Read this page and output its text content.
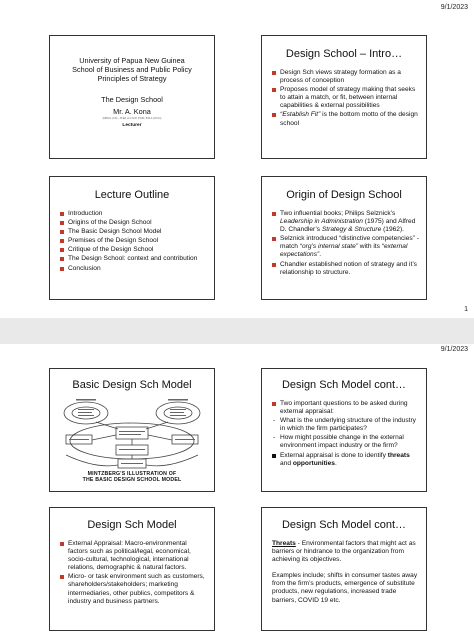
9/1/2023
University of Papua New Guinea
School of Business and Public Policy
Principles of Strategy
The Design School
Mr. A. Kona
(MPHIL (CS) – B.Ed, A.C.M.P, PGDI, B.B.A (OCC))
Lecturer
Design School – Intro…
Design Sch views strategy formation as a process of conception
Proposes model of strategy making that seeks to attain a match, or fit, between internal capabilities & external possibilities
“Establish Fit” is the bottom motto of the design school
Lecture Outline
Introduction
Origins of the Design School
The Basic Design School Model
Premises of the Design School
Critique of the Design School
The Design School: context and contribution
Conclusion
Origin of Design School
Two influential books; Philips Selznick’s Leadership in Administration (1975) and Alfred D. Chandler’s Strategy & Structure (1962).
Selznick introduced “distinctive competencies” - match “org’s internal state” with its “external expectations”.
Chandler established notion of strategy and it’s relationship to structure.
1
9/1/2023
Basic Design Sch Model
MINTZBERG'S ILLUSTRATION OF
THE BASIC DESIGN SCHOOL MODEL
Design Sch Model cont…
Two important questions to be asked during external appraisal:
- What is the underlying structure of the industry in which the firm participates?
- How might possible change in the external environment impact industry or the firm?
External appraisal is done to identify threats and opportunities.
Design Sch Model
External Appraisal: Macro-environmental factors such as political/legal, economical, socio-cultural, technological, international relations, demographic & natural factors.
Micro- or task environment such as customers, shareholders/stakeholders; marketing intermediaries, other publics, competitors & industry and business partners.
Design Sch Model cont…
Threats - Environmental factors that might act as barriers or hindrance to the organization from achieving its objectives.
Examples include; shifts in consumer tastes away from the firm’s products, emergence of substitute products, new regulations, increased trade barriers, COVID 19 etc.
